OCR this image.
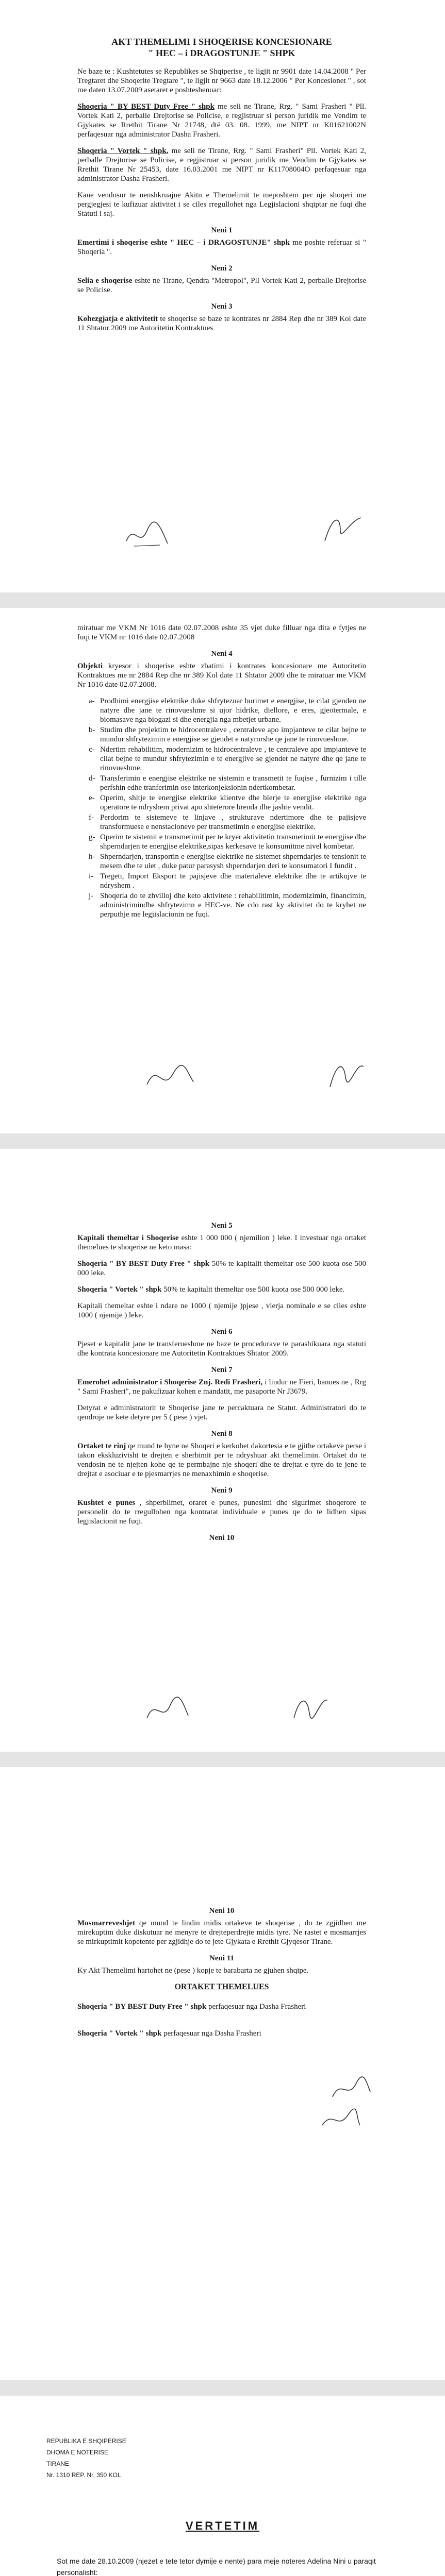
AKT THEMELIMI I SHOQERISE KONCESIONARE
" HEC – i DRAGOSTUNJE " SHPK

Ne baze te : Kushtetutes se Republikes se Shqiperise , te ligjit nr 9901 date 14.04.2008 " Per Tregtaret dhe Shoqerite Tregtare ", te ligjit nr 9663 date 18.12.2006 " Per Koncesionet " , sot me daten 13.07.2009 asetaret e poshteshenuar:

Shoqeria " BY BEST Duty Free " shpk me seli ne Tirane, Rrg. " Sami Frasheri " Pll. Vortek Kati 2, perballe Drejtorise se Policise, e regjistruar si person juridik me Vendim te Gjykates se Rrethit Tirane Nr 21748, dtë 03. 08. 1999, me NIPT nr K01621002N perfaqesuar nga administrator Dasha Frasheri.

Shoqeria " Vortek " shpk. me seli ne Tirane, Rrg. " Sami Frasheri" Pll. Vortek Kati 2, perballe Drejtorise se Policise, e regjistruar si person juridik me Vendim te Gjykates se Rrethit Tirane Nr 25453, date 16.03.2001 me NIPT nr K11708004O perfaqesuar nga administrator Dasha Frasheri.

Kane vendosur te nenshkruajne Akitn e Themelimit te meposhtem per nje shoqeri me pergjegjesi te kufizuar aktivitet i se ciles rregullohet nga Legjislacioni shqiptar ne fuqi dhe Statuti i saj.

Neni 1

Emertimi i shoqerise eshte " HEC – i DRAGOSTUNJE" shpk me poshte referuar si " Shoqeria ".

Neni 2

Selia e shoqerise eshte ne Tirane, Qendra "Metropol", Pll Vortek Kati 2, perballe Drejtorise se Policise.

Neni 3

Kohezgjatja e aktivitetit te shoqerise se baze te kontrates nr 2884 Rep dhe nr 389 Kol date 11 Shtator 2009 me Autoritetin Kontraktues

miratuar me VKM Nr 1016 date 02.07.2008 eshte 35 vjet duke filluar nga dita e fytjes ne fuqi te VKM nr 1016 date 02.07.2008

Neni 4

Objekti kryesor i shoqerise eshte zbatimi i kontrates koncesionare me Autoritetin Kontraktues me nr 2884 Rep dhe nr 389 Kol date 11 Shtator 2009 dhe te miratuar me VKM Nr 1016 date 02.07.2008.

a- Prodhimi energjise elektrike duke shfrytezuar burimet e energjise, te cilat gjenden ne natyre dhe jane te rinovueshme si ujor hidrike, diellore, e eres, gjeotermale, e biomasave nga biogazi si dhe energjia nga mbetjet urbane.
b- Studim dhe projektim te hidrocentraleve , centraleve apo impjanteve te cilat bejne te mundur shfrytezimin e energjise se gjendet e natyrorshe qe jane te rinovueshme.
c- Ndertim rehabilitim, modernizim te hidrocentraleve , te centraleve apo impjanteve te cilat bejne te mundur shfrytezimin e te energjive se gjendet ne natyre dhe qe jane te rinovueshme.
d- Transferimin e energjise elektrike ne sistemin e transmetit te fuqise , furnizim i tille perfshin edhe tranferimin ose interkonjeksionin ndertkombetar.
e- Operim, shitje te energjise elektrike klientve dhe blerje te energjise elektrike nga operatore te ndryshem privat apo shteterore brenda dhe jashte vendit.
f- Perdorim te sistemeve te linjave , strukturave ndertimore dhe te pajisjeve transformuese e nenstacioneve per transmetimin e energjise elektrike.
g- Operim te sistemit e transmetimit per te kryer aktivitetin transmetimit te energjise dhe shperndarjen te energjise elektrike,sipas kerkesave te konsumitme nivel kombetar.
h- Shperndarjen, transportin e energjise elektrike ne sistemet shperndarjes te tensionit te mesem dhe te ulet , duke patur parasysh shperndarjen deri te konsumatori I fundit .
i- Tregeti, Import Eksport te pajisjeve dhe materialeve elektrike dhe te artikujve te ndryshem .
j- Shoqeria do te zhvilloj dhe keto aktivitete : rehabilitimin, modernizimin, financimin, administrimindhe shfrytezimn e HEC-ve. Ne cdo rast ky aktivitet do te kryhet ne perputhje me legjislacionin ne fuqi.
Neni 5

Kapitali themeltar i Shoqerise eshte 1 000 000 ( njemilion ) leke. I investuar nga ortaket themelues te shoqerise ne keto masa:

Shoqeria " BY BEST Duty Free " shpk 50% te kapitalit themeltar ose 500 kuota ose 500 000 leke.

Shoqeria " Vortek " shpk 50% te kapitalit themeltar ose 500 kuota ose 500 000 leke.

Kapitali themeltar eshte i ndare ne 1000 ( njemije )pjese , vlerja nominale e se ciles eshte 1000 ( njemije ) leke.

Neni 6

Pjeset e kapitalit jane te transferueshme ne baze te procedurave te parashikuara nga statuti dhe kontrata koncesionare me Autoritetin Kontraktues Shtator 2009.

Neni 7

Emerohet administrator i Shoqerise Znj. Redi Frasheri, i lindur ne Fieri, banues ne , Rrg " Sami Frasheri", ne pakufizuar kohen e mandatit, me pasaporte Nr J3679.

Detyrat e administratorit te Shoqerise jane te percaktuara ne Statut. Administratori do te qendroje ne kete detyre per 5 ( pese ) vjet.

Neni 8

Ortaket te rinj qe mund te hyne ne Shoqeri e kerkohet dakortesia e te gjithe ortakeve perse i takon ekskluzivisht te drejten e sherbimit per te ndryshuar akt themelimin. Ortaket do te vendosin ne te njejten kohe qe te permbajne nje shoqeri dhe te drejtat e tyre do te jene te drejtat e asociuar e te pjesmarrjes ne menaxhimin e shoqerise.

Neni 9

Kushtet e punes , shperblimet, oraret e punes, punesimi dhe sigurimet shoqerore te personelit do te rregullohen nga kontratat individuale e punes qe do te lidhen sipas legjislacionit ne fuqi.

Neni 10
Neni 10

Mosmarreveshjet qe mund te lindin midis ortakeve te shoqerise , do te zgjidhen me mirekuptim duke diskutuar ne menyre te drejteperdrejte midis tyre. Ne rastet e mosmarrjes se mirkuptimit kopetente per zgjidhje do te jete Gjykata e Rrethit Gjyqesor Tirane.

Neni 11

Ky Akt Themelimi hartohet ne (pese ) kopje te barabarta ne gjuhen shqipe.

ORTAKET THEMELUES

Shoqeria " BY BEST Duty Free " shpk perfaqesuar nga Dasha Frasheri

Shoqeria " Vortek " shpk perfaqesuar nga Dasha Frasheri

REPUBLIKA E SHQIPERISE
DHOMA E NOTERISE
TIRANE
Nr. 1310 REP. Nr. 350 KOL
VERTETIM

Sot me date 28.10.2009 (njezet e tete tetor dymije e nente) para meje noteres Adelina Nini u paraqit personalisht:
